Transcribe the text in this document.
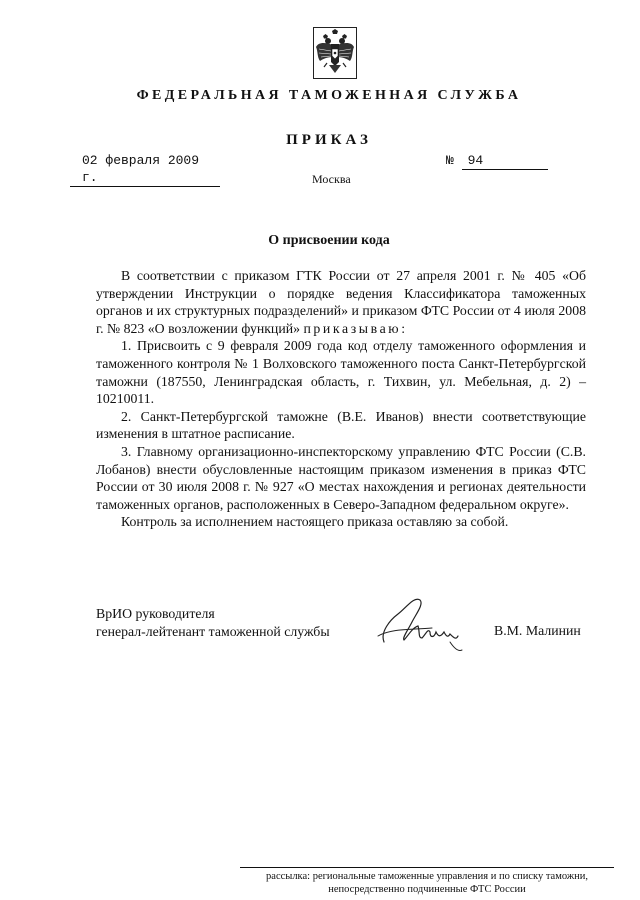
ФЕДЕРАЛЬНАЯ ТАМОЖЕННАЯ СЛУЖБА
ПРИКАЗ
02 февраля 2009 г.
№ 94
Москва
О присвоении кода

В соответствии с приказом ГТК России от 27 апреля 2001 г. № 405 «Об утверждении Инструкции о порядке ведения Классификатора таможенных органов и их структурных подразделений» и приказом ФТС России от 4 июля 2008 г. № 823 «О возложении функций» приказываю:

1. Присвоить с 9 февраля 2009 года код отделу таможенного оформления и таможенного контроля № 1 Волховского таможенного поста Санкт-Петербургской таможни (187550, Ленинградская область, г. Тихвин, ул. Мебельная, д. 2) – 10210011.

2. Санкт-Петербургской таможне (В.Е. Иванов) внести соответствующие изменения в штатное расписание.

3. Главному организационно-инспекторскому управлению ФТС России (С.В. Лобанов) внести обусловленные настоящим приказом изменения в приказ ФТС России от 30 июля 2008 г. № 927 «О местах нахождения и регионах деятельности таможенных органов, расположенных в Северо-Западном федеральном округе».

Контроль за исполнением настоящего приказа оставляю за собой.

ВрИО руководителя
генерал-лейтенант таможенной службы	В.М. Малинин
рассылка: региональные таможенные управления и по списку таможни,
непосредственно подчиненные ФТС России
